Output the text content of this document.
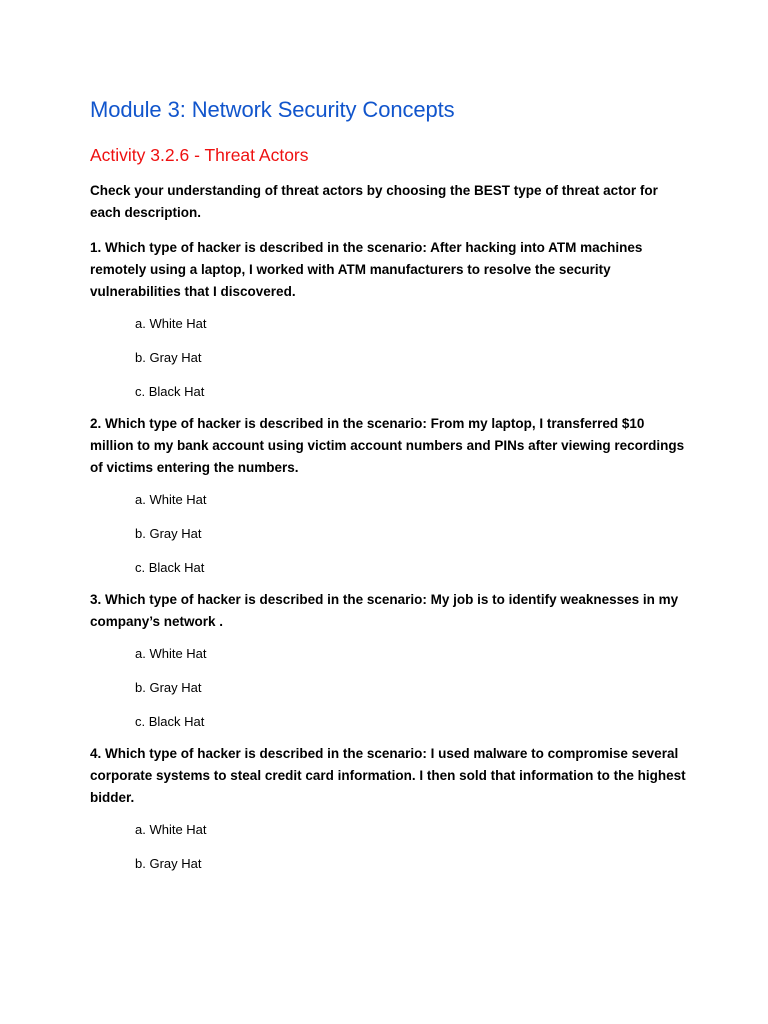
Module 3: Network Security Concepts
Activity 3.2.6 - Threat Actors

Check your understanding of threat actors by choosing the BEST type of threat actor for each description.

1. Which type of hacker is described in the scenario: After hacking into ATM machines remotely using a laptop, I worked with ATM manufacturers to resolve the security vulnerabilities that I discovered.

a. White Hat
b. Gray Hat
c. Black Hat

2. Which type of hacker is described in the scenario: From my laptop, I transferred $10 million to my bank account using victim account numbers and PINs after viewing recordings of victims entering the numbers.

a. White Hat
b. Gray Hat
c. Black Hat

3. Which type of hacker is described in the scenario: My job is to identify weaknesses in my company’s network .

a. White Hat
b. Gray Hat
c. Black Hat

4. Which type of hacker is described in the scenario: I used malware to compromise several corporate systems to steal credit card information. I then sold that information to the highest bidder.

a. White Hat
b. Gray Hat
